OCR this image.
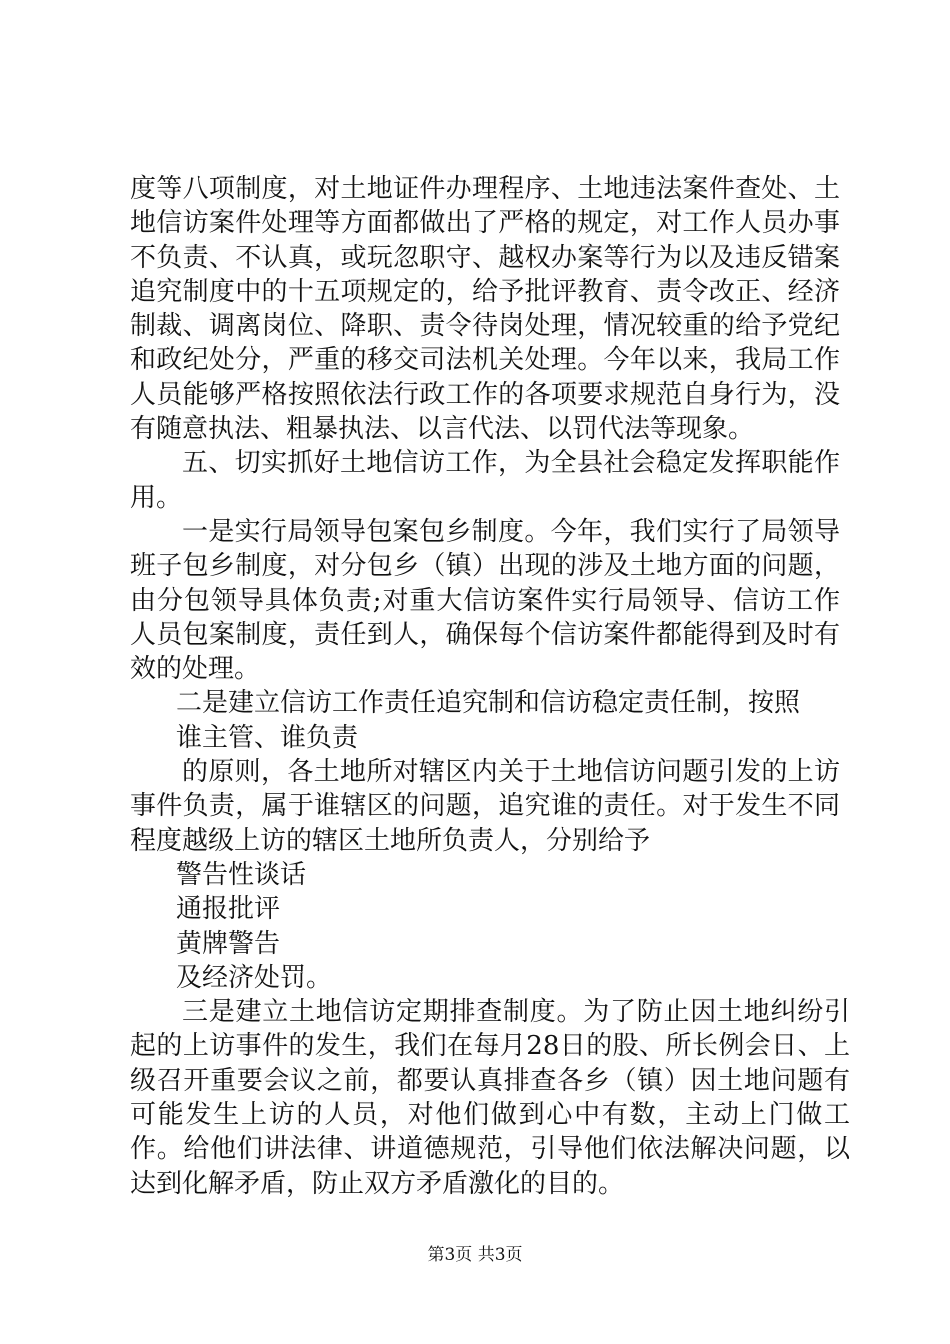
度等八项制度，对土地证件办理程序、土地违法案件查处、土地信访案件处理等方面都做出了严格的规定，对工作人员办事不负责、不认真，或玩忽职守、越权办案等行为以及违反错案追究制度中的十五项规定的，给予批评教育、责令改正、经济制裁、调离岗位、降职、责令待岗处理，情况较重的给予党纪和政纪处分，严重的移交司法机关处理。今年以来，我局工作人员能够严格按照依法行政工作的各项要求规范自身行为，没有随意执法、粗暴执法、以言代法、以罚代法等现象。

五、切实抓好土地信访工作，为全县社会稳定发挥职能作用。

一是实行局领导包案包乡制度。今年，我们实行了局领导班子包乡制度，对分包乡（镇）出现的涉及土地方面的问题，由分包领导具体负责;对重大信访案件实行局领导、信访工作人员包案制度，责任到人，确保每个信访案件都能得到及时有效的处理。

二是建立信访工作责任追究制和信访稳定责任制，按照

谁主管、谁负责

的原则，各土地所对辖区内关于土地信访问题引发的上访事件负责，属于谁辖区的问题，追究谁的责任。对于发生不同程度越级上访的辖区土地所负责人，分别给予

警告性谈话

通报批评

黄牌警告

及经济处罚。

三是建立土地信访定期排查制度。为了防止因土地纠纷引起的上访事件的发生，我们在每月28日的股、所长例会日、上级召开重要会议之前，都要认真排查各乡（镇）因土地问题有可能发生上访的人员，对他们做到心中有数，主动上门做工作。给他们讲法律、讲道德规范，引导他们依法解决问题，以达到化解矛盾，防止双方矛盾激化的目的。

第3页 共3页
